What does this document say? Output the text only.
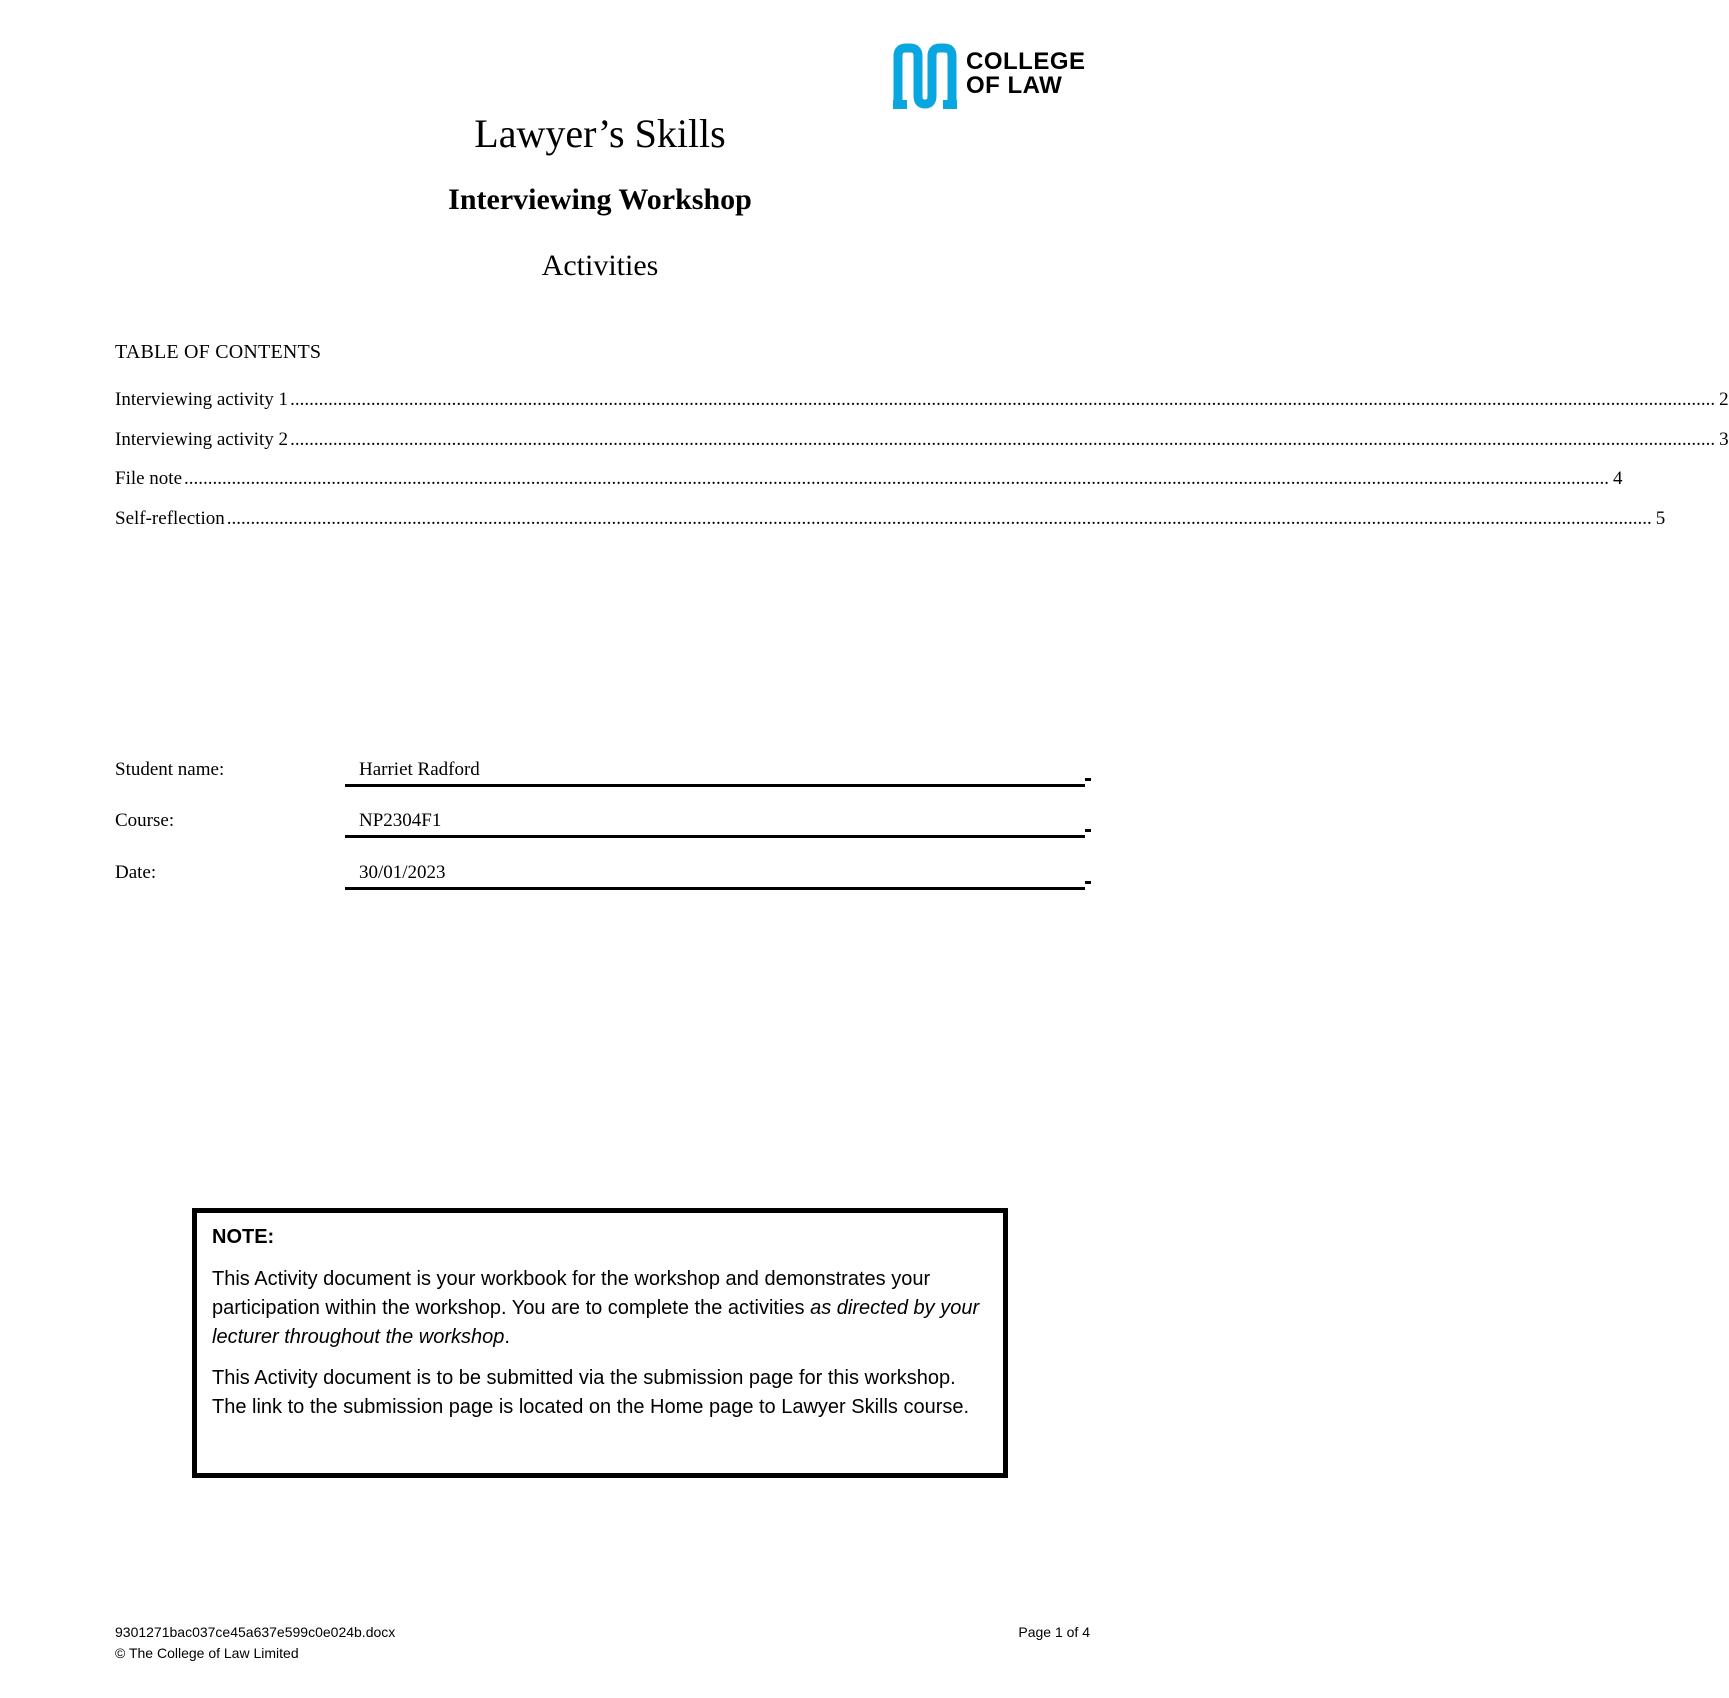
COLLEGE
OF LAW
Lawyer’s Skills
Interviewing Workshop
Activities
TABLE OF CONTENTS
Interviewing activity 1 ............................................................................................................................................................................................................................................................................................................ 2
Interviewing activity 2 ............................................................................................................................................................................................................................................................................................................ 3
File note ............................................................................................................................................................................................................................................................................................................ 4
Self-reflection ............................................................................................................................................................................................................................................................................................................ 5
Student name:	Harriet Radford
Course:	NP2304F1
Date:	30/01/2023
NOTE:

This Activity document is your workbook for the workshop and demonstrates your participation within the workshop. You are to complete the activities as directed by your lecturer throughout the workshop.

This Activity document is to be submitted via the submission page for this workshop. The link to the submission page is located on the Home page to Lawyer Skills course.

9301271bac037ce45a637e599c0e024b.docx
© The College of Law Limited
Page 1 of 4
